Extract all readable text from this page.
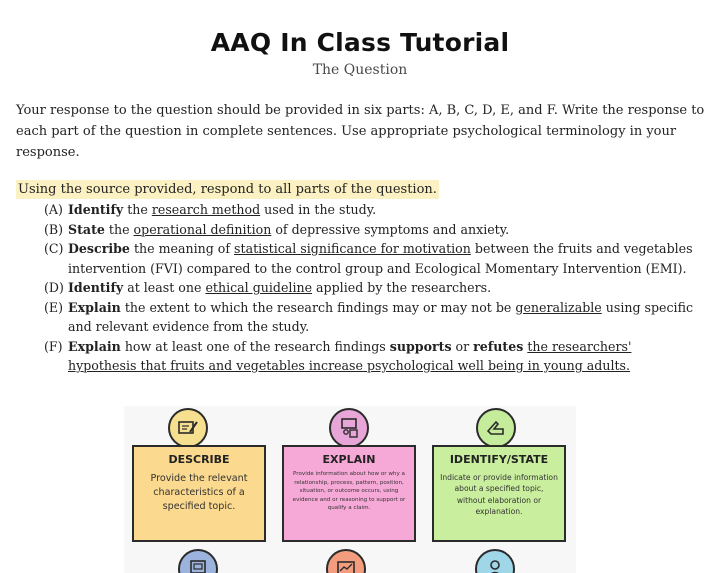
AAQ In Class Tutorial
The Question
Your response to the question should be provided in six parts: A, B, C, D, E, and F. Write the response to each part of the question in complete sentences. Use appropriate psychological terminology in your response.
Using the source provided, respond to all parts of the question.
(A) Identify the research method used in the study.
(B) State the operational definition of depressive symptoms and anxiety.
(C) Describe the meaning of statistical significance for motivation between the fruits and vegetables intervention (FVI) compared to the control group and Ecological Momentary Intervention (EMI).
(D) Identify at least one ethical guideline applied by the researchers.
(E) Explain the extent to which the research findings may or may not be generalizable using specific and relevant evidence from the study.
(F) Explain how at least one of the research findings supports or refutes the researchers' hypothesis that fruits and vegetables increase psychological well being in young adults.
DESCRIBE
Provide the relevant characteristics of a specified topic.
EXPLAIN
Provide information about how or why a relationship, process, pattern, position, situation, or outcome occurs, using evidence and or reasoning to support or qualify a claim.
IDENTIFY/STATE
Indicate or provide information about a specified topic, without elaboration or explanation.
